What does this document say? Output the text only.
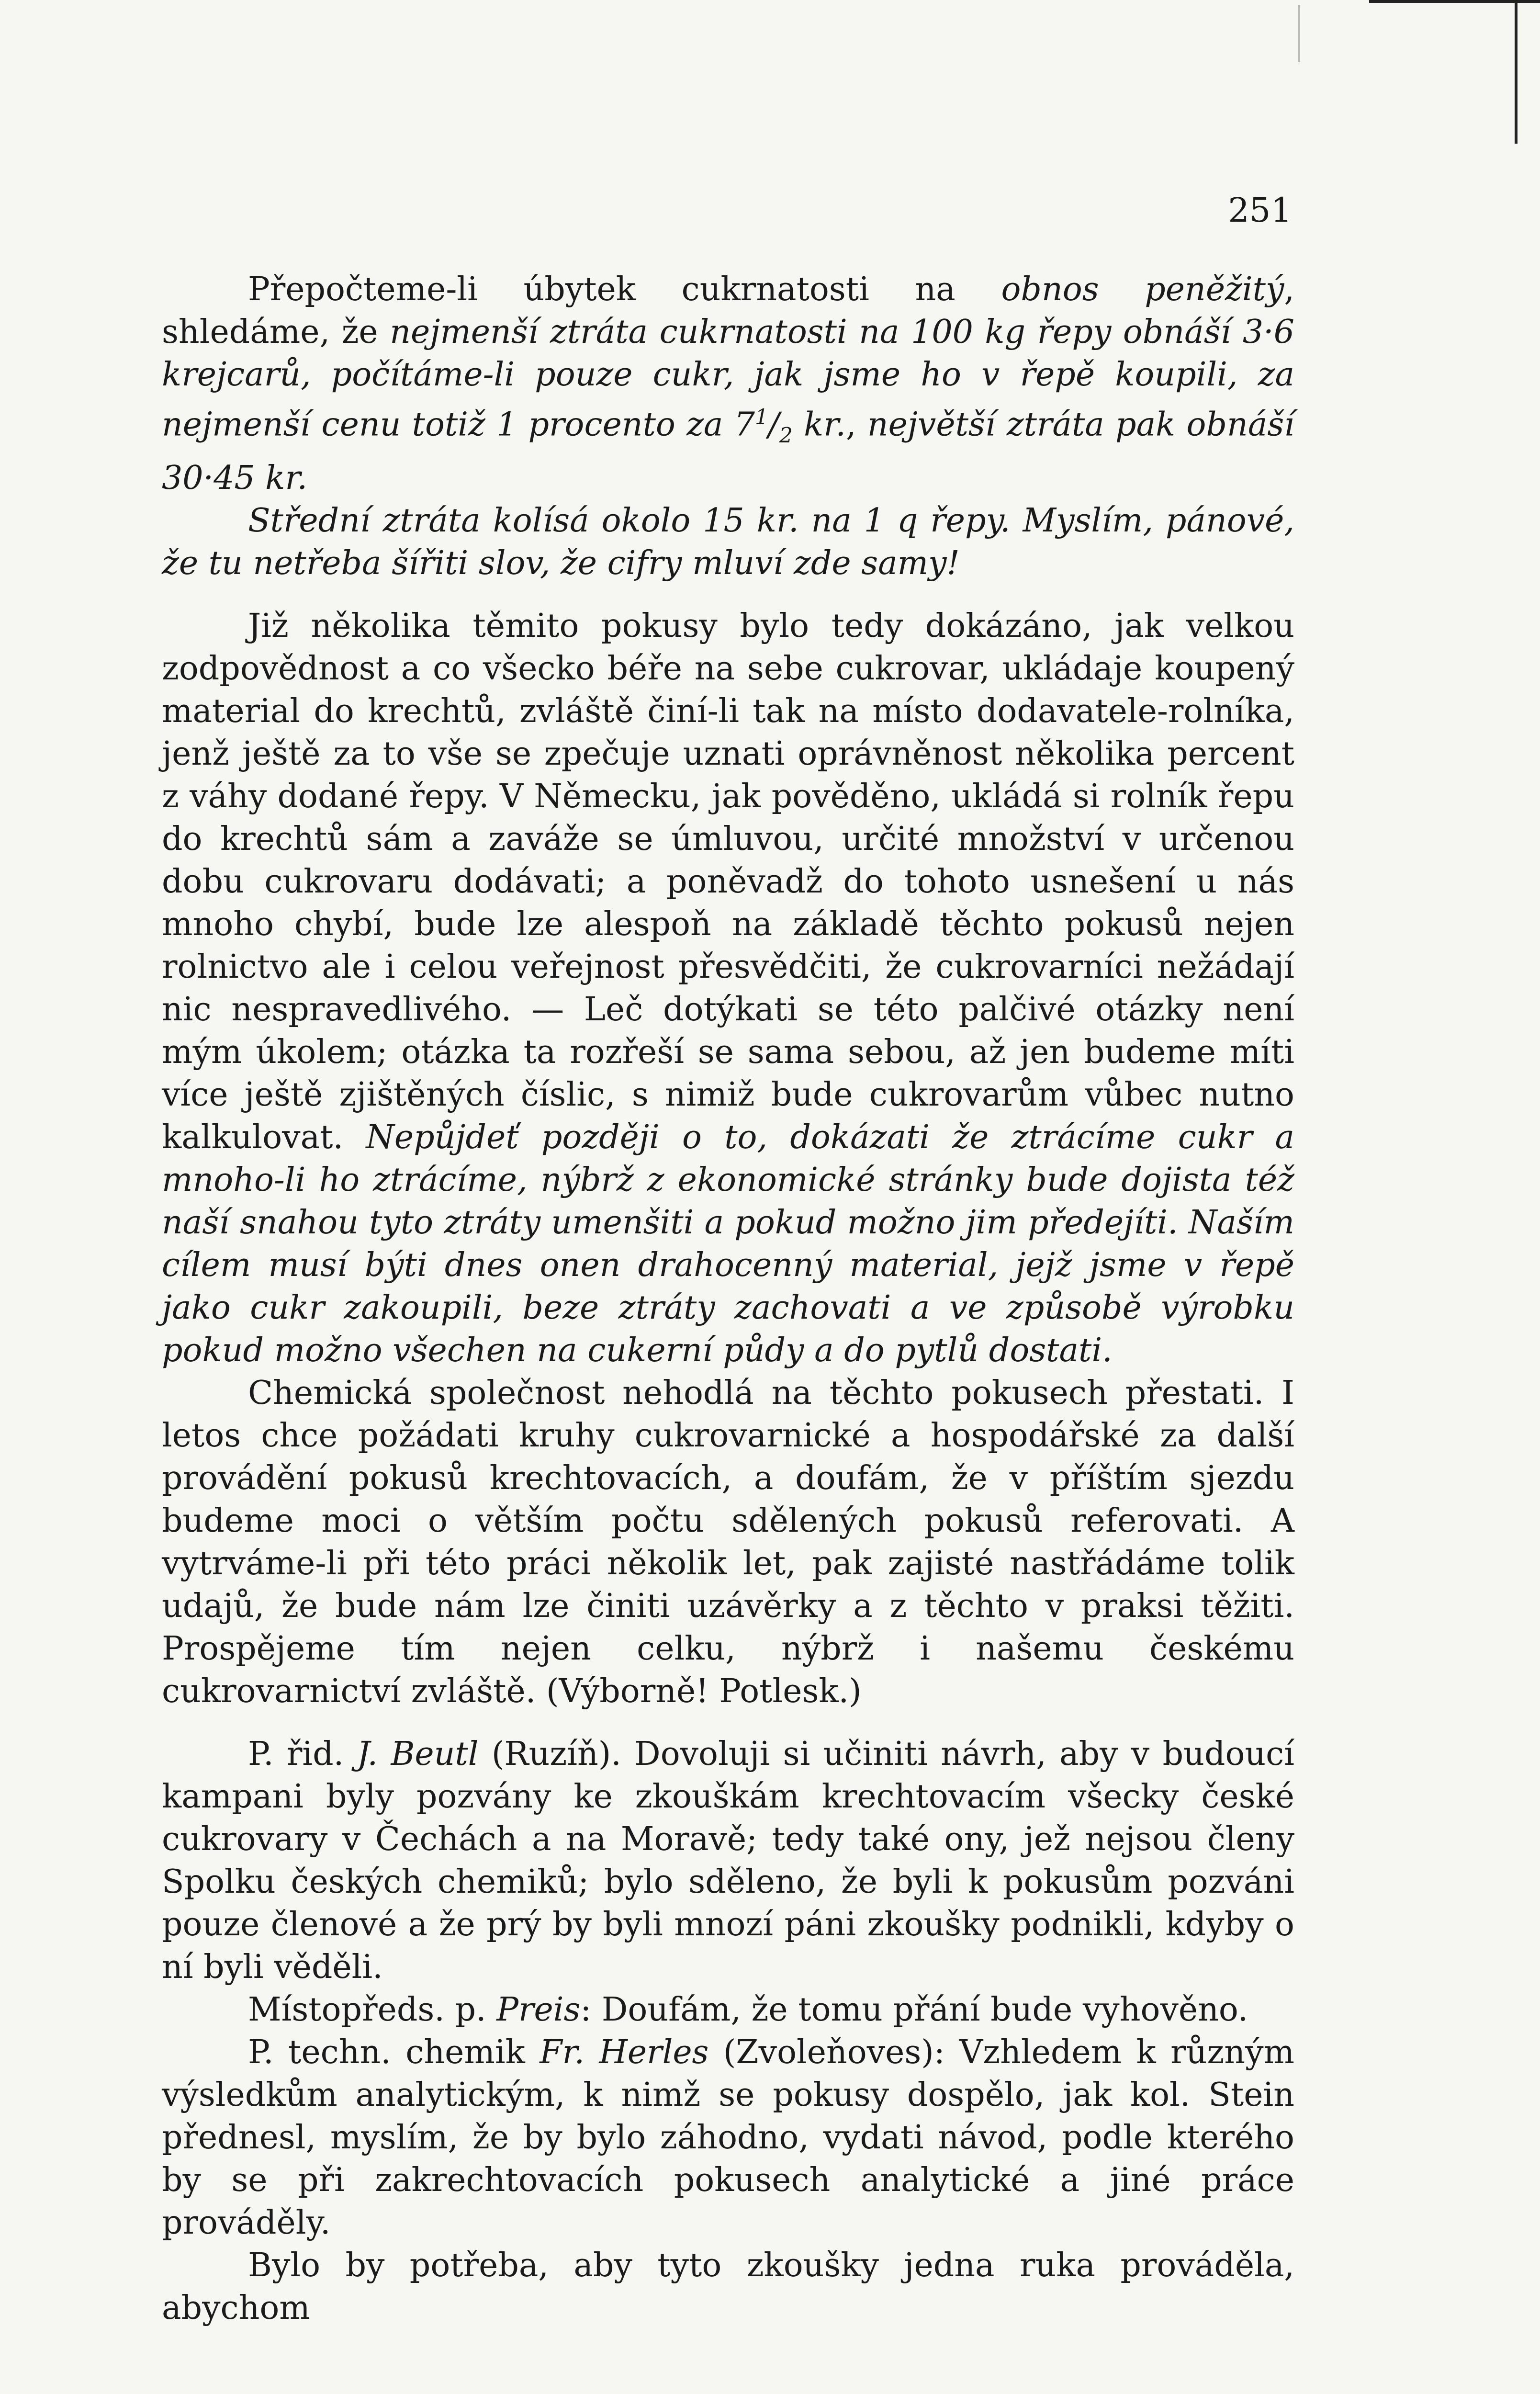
251

Přepočteme-li úbytek cukrnatosti na obnos peněžitý, shledáme, že nejmenší ztráta cukrnatosti na 100 kg řepy obnáší 3·6 krejcarů, počítáme-li pouze cukr, jak jsme ho v řepě koupili, za nejmenší cenu totiž 1 procento za $7^1/_2$ kr., největší ztráta pak obnáší 30·45 kr.

Střední ztráta kolísá okolo 15 kr. na 1 q řepy. Myslím, pánové, že tu netřeba šířiti slov, že cifry mluví zde samy!

Již několika těmito pokusy bylo tedy dokázáno, jak velkou zodpovědnost a co všecko béře na sebe cukrovar, ukládaje koupený material do krechtů, zvláště činí-li tak na místo dodavatele-rolníka, jenž ještě za to vše se zpečuje uznati oprávněnost několika percent z váhy dodané řepy. V Německu, jak pověděno, ukládá si rolník řepu do krechtů sám a zaváže se úmluvou, určité množství v určenou dobu cukrovaru dodávati; a poněvadž do tohoto usnešení u nás mnoho chybí, bude lze alespoň na základě těchto pokusů nejen rolnictvo ale i celou veřejnost přesvědčiti, že cukrovarníci nežádají nic nespravedlivého. — Leč dotýkati se této palčivé otázky není mým úkolem; otázka ta rozřeší se sama sebou, až jen budeme míti více ještě zjištěných číslic, s nimiž bude cukrovarům vůbec nutno kalkulovat. Nepůjdeť později o to, dokázati že ztrácíme cukr a mnoho-li ho ztrácíme, nýbrž z ekonomické stránky bude dojista též naší snahou tyto ztráty umenšiti a pokud možno jim předejíti. Naším cílem musí býti dnes onen drahocenný material, jejž jsme v řepě jako cukr zakoupili, beze ztráty zachovati a ve způsobě výrobku pokud možno všechen na cukerní půdy a do pytlů dostati.

Chemická společnost nehodlá na těchto pokusech přestati. I letos chce požádati kruhy cukrovarnické a hospodářské za další provádění pokusů krechtovacích, a doufám, že v příštím sjezdu budeme moci o větším počtu sdělených pokusů referovati. A vytrváme-li při této práci několik let, pak zajisté nastřádáme tolik udajů, že bude nám lze činiti uzávěrky a z těchto v praksi těžiti. Prospějeme tím nejen celku, nýbrž i našemu českému cukrovarnictví zvláště. (Výborně! Potlesk.)

P. řid. J. Beutl (Ruzíň). Dovoluji si učiniti návrh, aby v budoucí kampani byly pozvány ke zkouškám krechtovacím všecky české cukrovary v Čechách a na Moravě; tedy také ony, jež nejsou členy Spolku českých chemiků; bylo sděleno, že byli k pokusům pozváni pouze členové a že prý by byli mnozí páni zkoušky podnikli, kdyby o ní byli věděli.

Místopředs. p. Preis: Doufám, že tomu přání bude vyhověno.

P. techn. chemik Fr. Herles (Zvoleňoves): Vzhledem k různým výsledkům analytickým, k nimž se pokusy dospělo, jak kol. Stein přednesl, myslím, že by bylo záhodno, vydati návod, podle kterého by se při zakrechtovacích pokusech analytické a jiné práce prováděly.

Bylo by potřeba, aby tyto zkoušky jedna ruka prováděla, abychom
